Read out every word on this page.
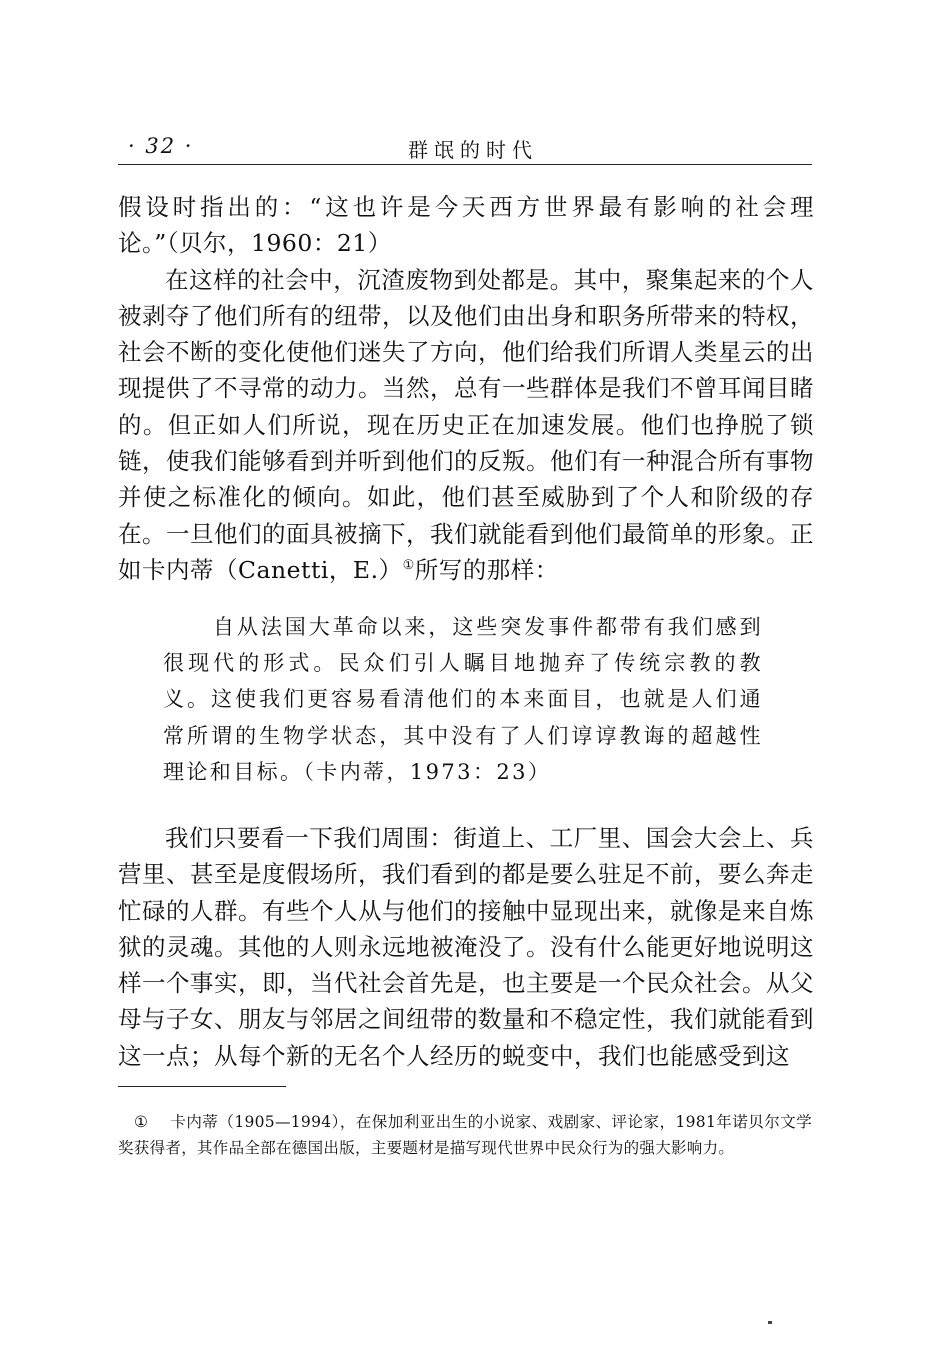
· 32 ·	群氓的时代

假设时指出的：“这也许是今天西方世界最有影响的社会理论。”（贝尔，1960：21）

在这样的社会中，沉渣废物到处都是。其中，聚集起来的个人被剥夺了他们所有的纽带，以及他们由出身和职务所带来的特权，社会不断的变化使他们迷失了方向，他们给我们所谓人类星云的出现提供了不寻常的动力。当然，总有一些群体是我们不曾耳闻目睹的。但正如人们所说，现在历史正在加速发展。他们也挣脱了锁链，使我们能够看到并听到他们的反叛。他们有一种混合所有事物并使之标准化的倾向。如此，他们甚至威胁到了个人和阶级的存在。一旦他们的面具被摘下，我们就能看到他们最简单的形象。正如卡内蒂（Canetti，E.）①所写的那样：

自从法国大革命以来，这些突发事件都带有我们感到很现代的形式。民众们引人瞩目地抛弃了传统宗教的教义。这使我们更容易看清他们的本来面目，也就是人们通常所谓的生物学状态，其中没有了人们谆谆教诲的超越性理论和目标。（卡内蒂，1973：23）

我们只要看一下我们周围：街道上、工厂里、国会大会上、兵营里、甚至是度假场所，我们看到的都是要么驻足不前，要么奔走忙碌的人群。有些个人从与他们的接触中显现出来，就像是来自炼狱的灵魂。其他的人则永远地被淹没了。没有什么能更好地说明这样一个事实，即，当代社会首先是，也主要是一个民众社会。从父母与子女、朋友与邻居之间纽带的数量和不稳定性，我们就能看到这一点；从每个新的无名个人经历的蜕变中，我们也能感受到这

① 卡内蒂（1905—1994），在保加利亚出生的小说家、戏剧家、评论家，1981年诺贝尔文学奖获得者，其作品全部在德国出版，主要题材是描写现代世界中民众行为的强大影响力。
